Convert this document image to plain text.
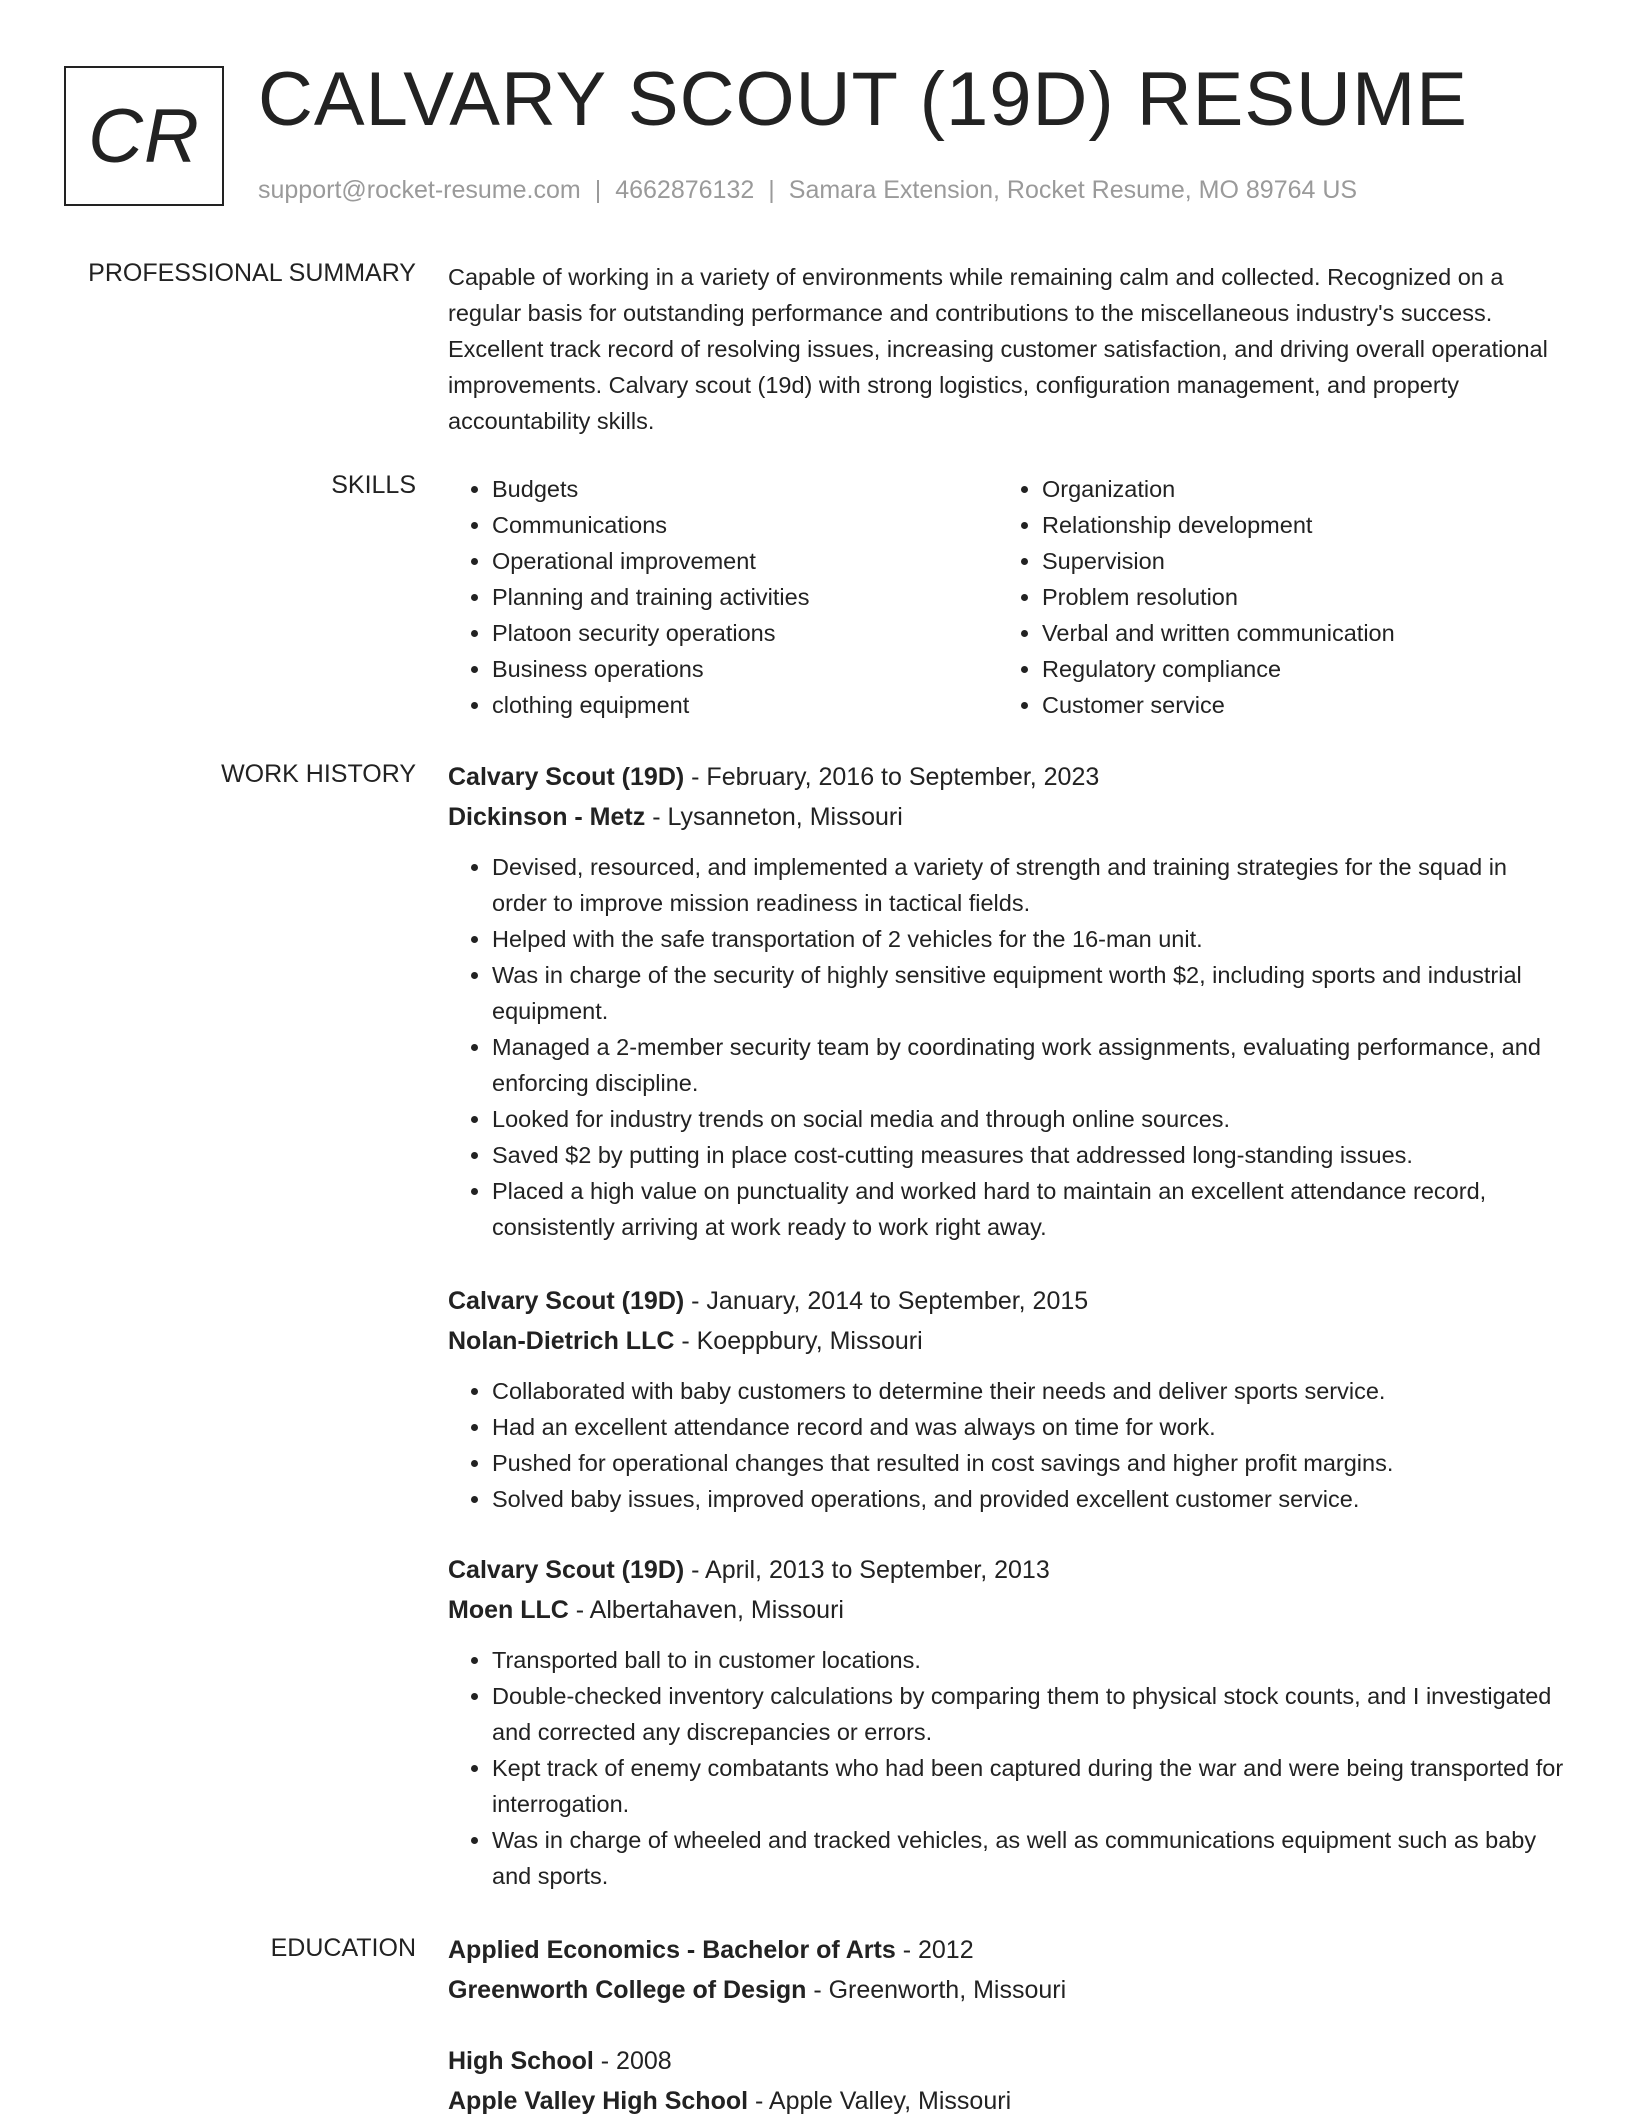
CR CALVARY SCOUT (19D) RESUME
support@rocket-resume.com | 4662876132 | Samara Extension, Rocket Resume, MO 89764 US
PROFESSIONAL SUMMARY Capable of working in a variety of environments while remaining calm and collected. Recognized on a regular basis for outstanding performance and contributions to the miscellaneous industry's success. Excellent track record of resolving issues, increasing customer satisfaction, and driving overall operational improvements. Calvary scout (19d) with strong logistics, configuration management, and property accountability skills.

SKILLS
•	Budgets
• Communications
• Operational improvement
• Planning and training activities
• Platoon security operations
• Business operations
• clothing equipment
• Organization
• Relationship development
• Supervision
• Problem resolution
• Verbal and written communication
• Regulatory compliance
• Customer service
WORK HISTORY Calvary Scout (19D) - February, 2016 to September, 2023
Dickinson - Metz - Lysanneton, Missouri
• Devised, resourced, and implemented a variety of strength and training strategies for the squad in order to improve mission readiness in tactical fields.
• Helped with the safe transportation of 2 vehicles for the 16-man unit.
• Was in charge of the security of highly sensitive equipment worth $2, including sports and industrial equipment.
• Managed a 2-member security team by coordinating work assignments, evaluating performance, and enforcing discipline.
• Looked for industry trends on social media and through online sources.
• Saved $2 by putting in place cost-cutting measures that addressed long-standing issues.
• Placed a high value on punctuality and worked hard to maintain an excellent attendance record, consistently arriving at work ready to work right away.
Calvary Scout (19D) - January, 2014 to September, 2015
Nolan-Dietrich LLC - Koeppbury, Missouri
• Collaborated with baby customers to determine their needs and deliver sports service.
• Had an excellent attendance record and was always on time for work.
• Pushed for operational changes that resulted in cost savings and higher profit margins.
• Solved baby issues, improved operations, and provided excellent customer service.
Calvary Scout (19D) - April, 2013 to September, 2013
Moen LLC - Albertahaven, Missouri
• Transported ball to in customer locations.
• Double-checked inventory calculations by comparing them to physical stock counts, and I investigated and corrected any discrepancies or errors.
• Kept track of enemy combatants who had been captured during the war and were being transported for interrogation.
• Was in charge of wheeled and tracked vehicles, as well as communications equipment such as baby and sports.
EDUCATION Applied Economics - Bachelor of Arts - 2012
Greenworth College of Design - Greenworth, Missouri
High School - 2008
Apple Valley High School - Apple Valley, Missouri
